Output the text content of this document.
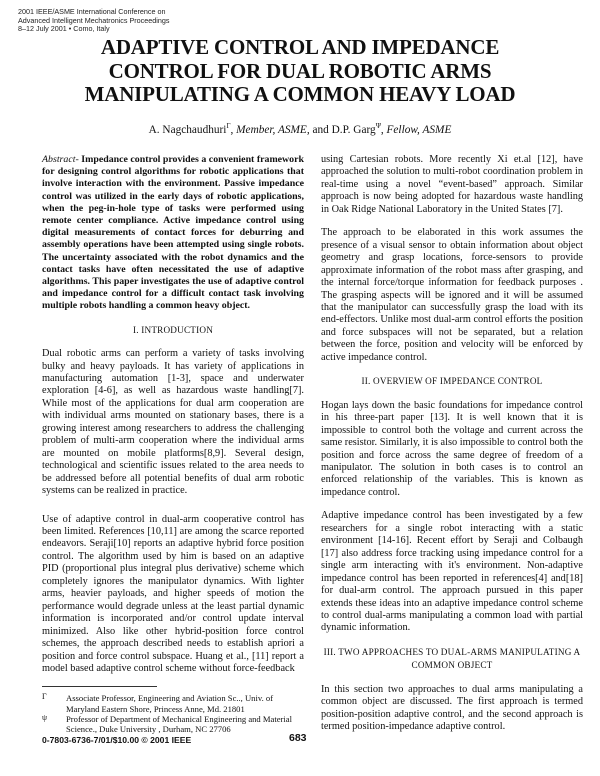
2001 IEEE/ASME International Conference on
Advanced Intelligent Mechatronics Proceedings
8–12 July 2001 • Como, Italy
ADAPTIVE CONTROL AND IMPEDANCE
CONTROL FOR DUAL ROBOTIC ARMS
MANIPULATING A COMMON HEAVY LOAD
A. Nagchaudhuri$^\Gamma$, Member, ASME, and D.P. Garg$^\Psi$, Fellow, ASME

Abstract- Impedance control provides a convenient framework for designing control algorithms for robotic applications that involve interaction with the environment. Passive impedance control was utilized in the early days of robotic applications, when the peg-in-hole type of tasks were performed using remote center compliance. Active impedance control using digital measurements of contact forces for deburring and assembly operations have been attempted using single robots. The uncertainty associated with the robot dynamics and the contact tasks have often necessitated the use of adaptive algorithms. This paper investigates the use of adaptive control and impedance control for a difficult contact task involving multiple robots handling a common heavy object.

I. INTRODUCTION

Dual robotic arms can perform a variety of tasks involving bulky and heavy payloads. It has variety of applications in manufacturing automation [1-3], space and underwater exploration [4-6], as well as hazardous waste handling[7]. While most of the applications for dual arm cooperation are with individual arms mounted on stationary bases, there is a growing interest among researchers to address the challenging problem of multi-arm cooperation where the individual arms are mounted on mobile platforms[8,9]. Several design, technological and scientific issues related to the area needs to be addressed before all potential benefits of dual arm robotic systems can be realized in practice.

Use of adaptive control in dual-arm cooperative control has been limited. References [10,11] are among the scarce reported endeavors. Seraji[10] reports an adaptive hybrid force position control. The algorithm used by him is based on an adaptive PID (proportional plus integral plus derivative) scheme which completely ignores the manipulator dynamics. With lighter arms, heavier payloads, and higher speeds of motion the performance would degrade unless at the least partial dynamic information is incorporated and/or control update interval minimized. Also like other hybrid-position force control schemes, the approach described needs to establish apriori a position and force control subspace. Huang et al., [11] report a model based adaptive control scheme without force-feedback

Γ Associate Professor, Engineering and Aviation Sc.., Univ. of Maryland Eastern Shore, Princess Anne, Md. 21801
ψ Professor of Department of Mechanical Engineering and Material Science., Duke University , Durham, NC 27706

using Cartesian robots. More recently Xi et.al [12], have approached the solution to multi-robot coordination problem in real-time using a novel “event-based” approach. Similar approach is now being adopted for hazardous waste handling in Oak Ridge National Laboratory in the United States [7].

The approach to be elaborated in this work assumes the presence of a visual sensor to obtain information about object geometry and grasp locations, force-sensors to provide approximate information of the robot mass after grasping, and the internal force/torque information for feedback purposes . The grasping aspects will be ignored and it will be assumed that the manipulator can successfully grasp the load with its end-effectors. Unlike most dual-arm control efforts the position and force subspaces will not be separated, but a relation between the force, position and velocity will be enforced by active impedance control.

II. OVERVIEW OF IMPEDANCE CONTROL

Hogan lays down the basic foundations for impedance control in his three-part paper [13]. It is well known that it is impossible to control both the voltage and current across the same resistor. Similarly, it is also impossible to control both the position and force across the same degree of freedom of a manipulator. The solution in both cases is to control an enforced relationship of the variables. This is known as impedance control.

Adaptive impedance control has been investigated by a few researchers for a single robot interacting with a static environment [14-16]. Recent effort by Seraji and Colbaugh [17] also address force tracking using impedance control for a single arm interacting with it's environment. Non-adaptive impedance control has been reported in references[4] and[18] for dual-arm control. The approach pursued in this paper extends these ideas into an adaptive impedance control scheme to control dual-arms manipulating a common load with partial dynamic information.

III. TWO APPROACHES TO DUAL-ARMS MANIPULATING A
COMMON OBJECT

In this section two approaches to dual arms manipulating a common object are discussed. The first approach is termed position-position adaptive control, and the second approach is termed position-impedance adaptive control.

0-7803-6736-7/01/$10.00 © 2001 IEEE	683
